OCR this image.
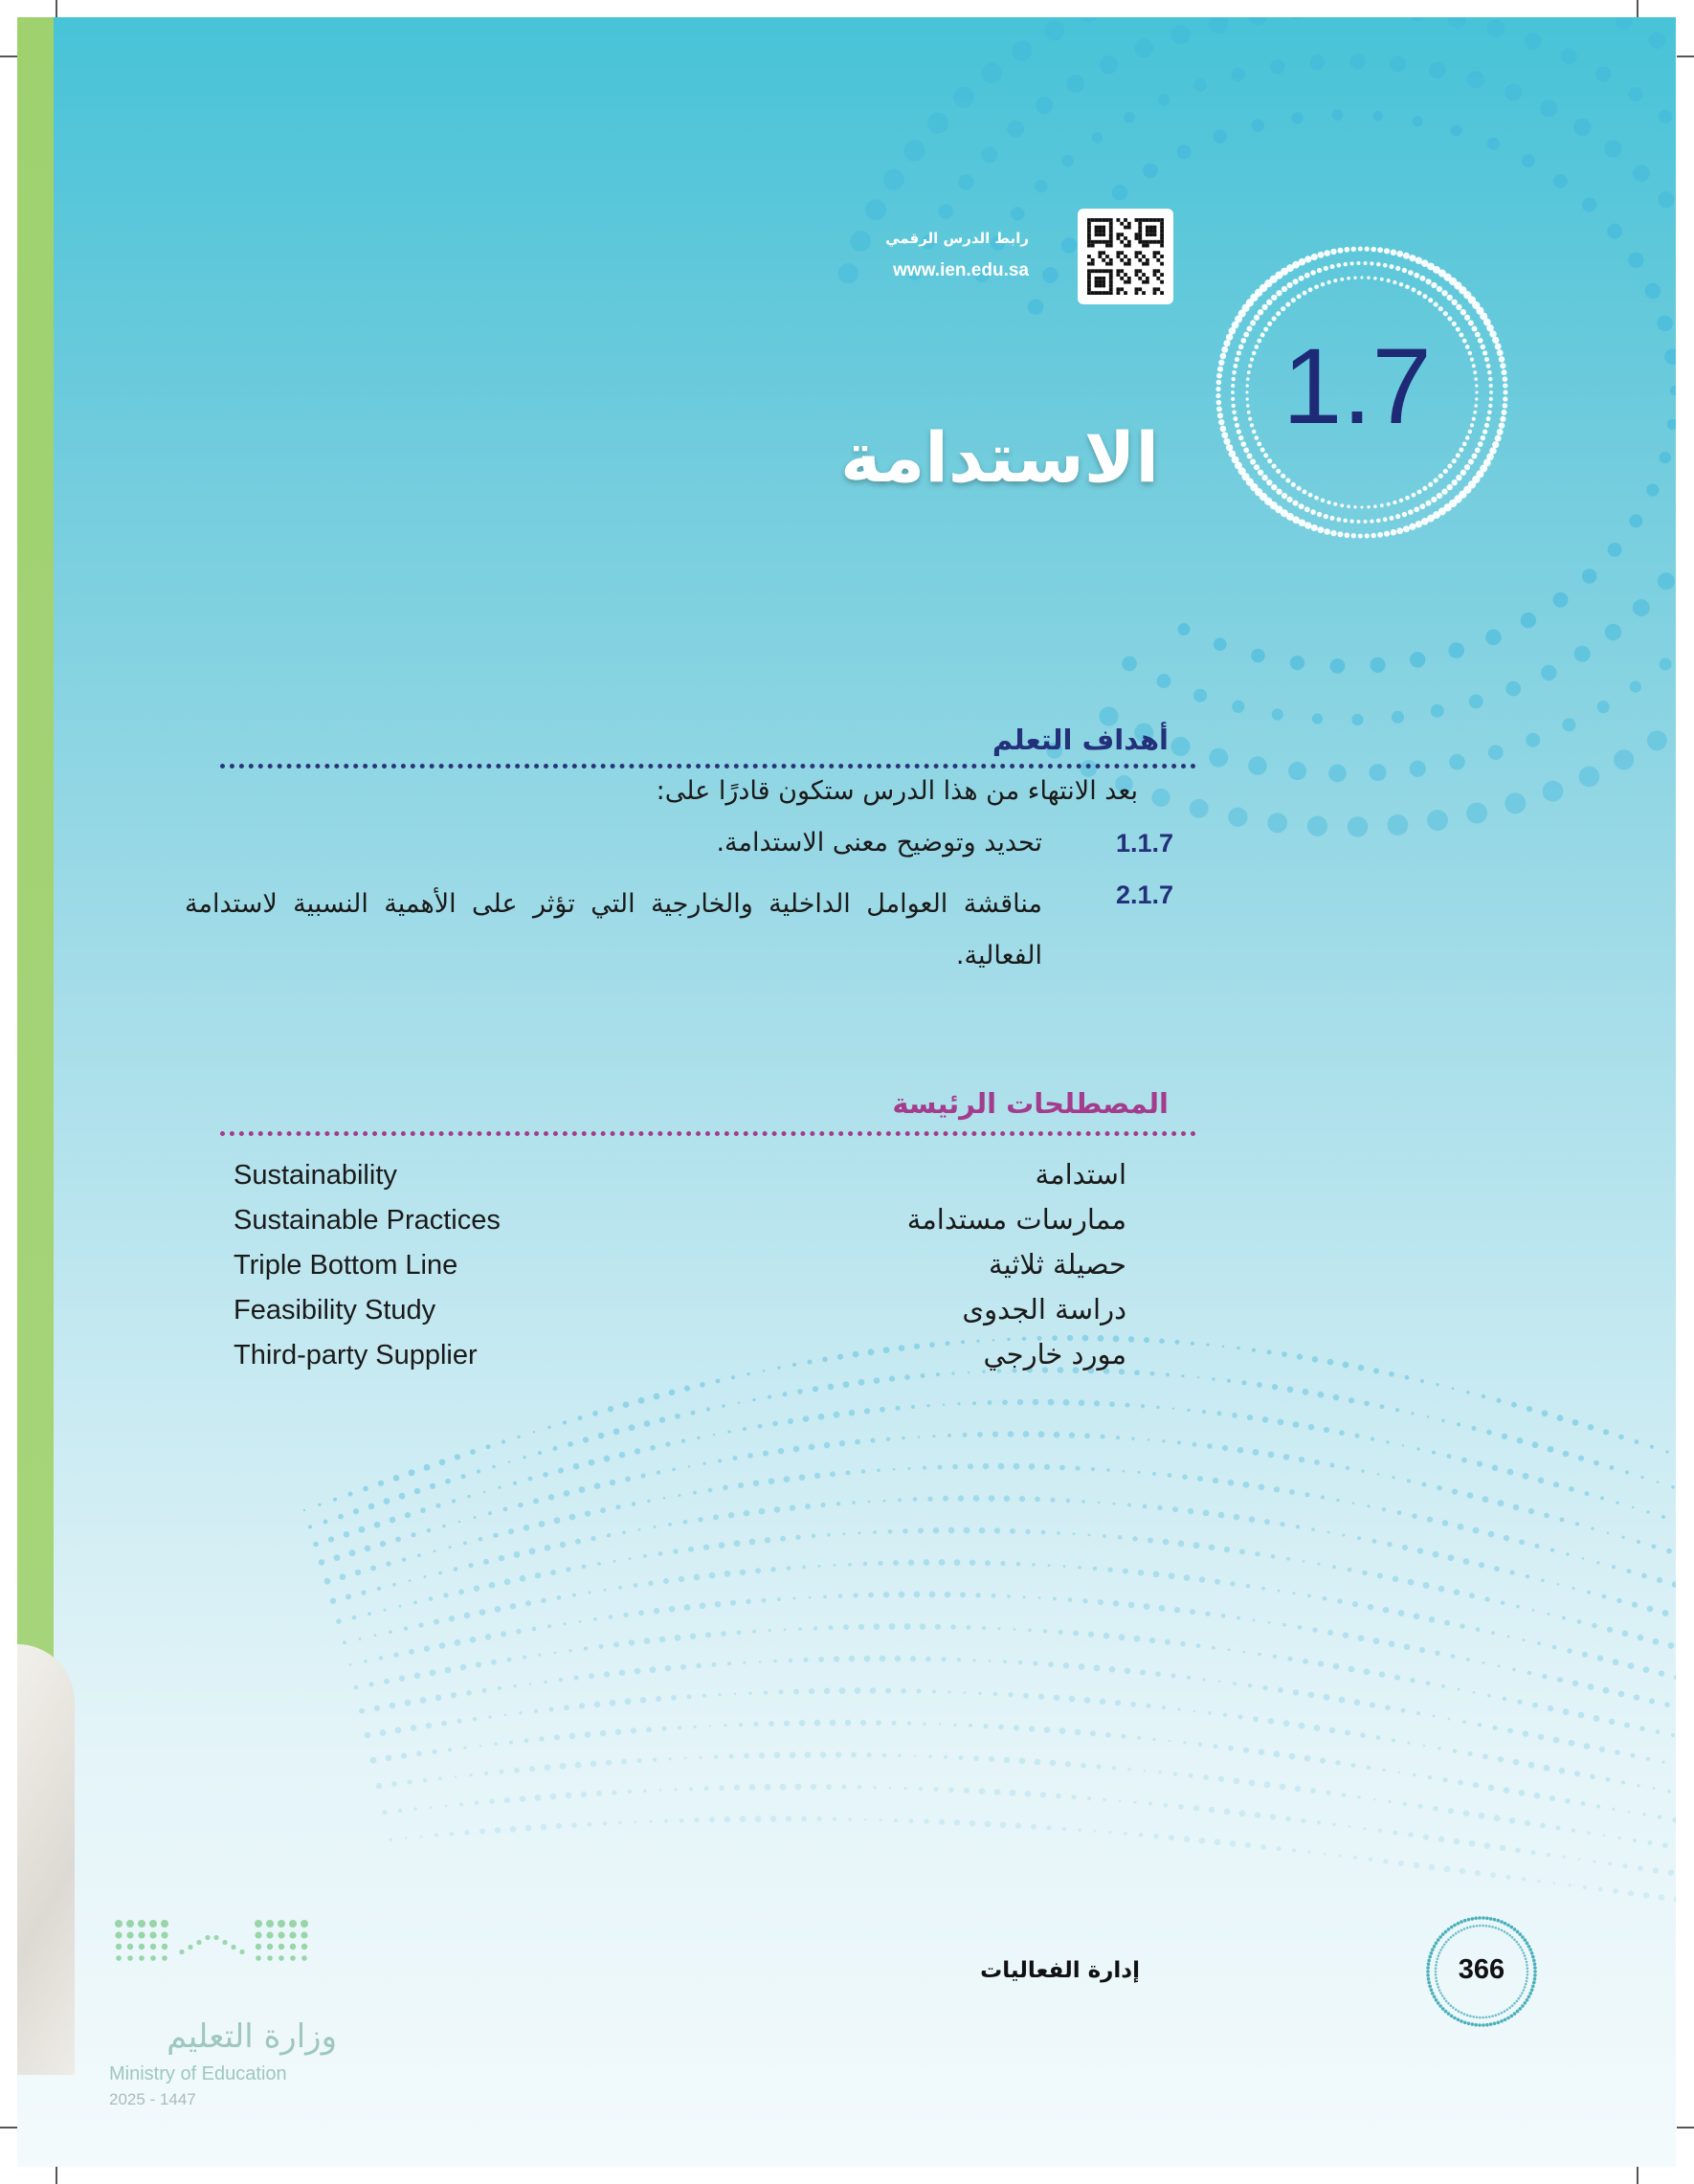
رابط الدرس الرقمي
www.ien.edu.sa
1.7
الاستدامة
أهداف التعلم
بعد الانتهاء من هذا الدرس ستكون قادرًا على:
1.1.7
تحديد وتوضيح معنى الاستدامة.
2.1.7
مناقشة العوامل الداخلية والخارجية التي تؤثر على الأهمية النسبية لاستدامة الفعالية.
المصطلحات الرئيسة
Sustainability	استدامة
Sustainable Practices	ممارسات مستدامة
Triple Bottom Line	حصيلة ثلاثية
Feasibility Study	دراسة الجدوى
Third-party Supplier	مورد خارجي
إدارة الفعاليات	366
وزارة التعليم
Ministry of Education
2025 - 1447
